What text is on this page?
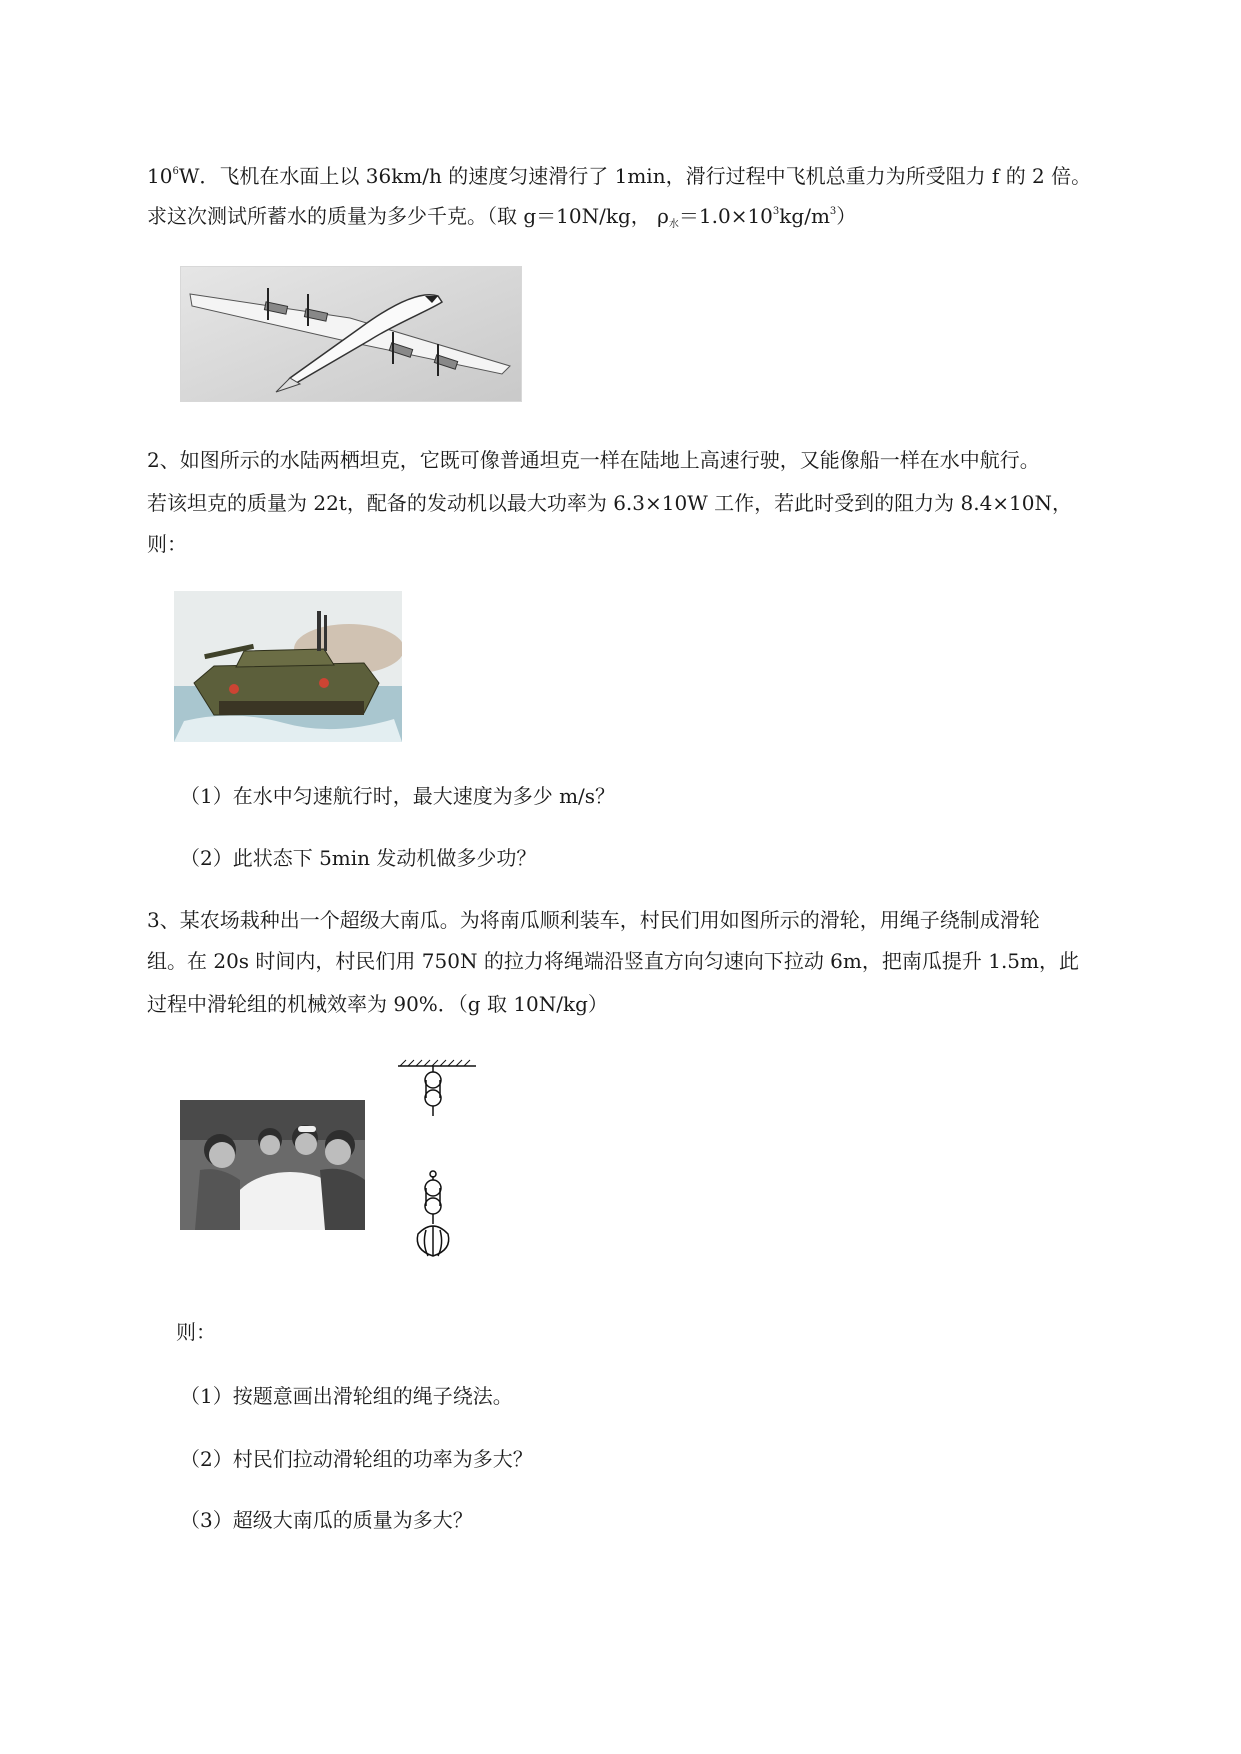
$10^6W$．飞机在水面上以 36km/h 的速度匀速滑行了 1min，滑行过程中飞机总重力为所受阻力 f 的 2 倍。
求这次测试所蓄水的质量为多少千克。（取 g＝10N/kg， $\rho_水=1.0\times 10^3kg/m^3$）
2、如图所示的水陆两栖坦克，它既可像普通坦克一样在陆地上高速行驶，又能像船一样在水中航行。
若该坦克的质量为 22t，配备的发动机以最大功率为 6.3×10W 工作，若此时受到的阻力为 8.4×10N，
则：
（1）在水中匀速航行时，最大速度为多少 m/s？
（2）此状态下 5min 发动机做多少功？
3、某农场栽种出一个超级大南瓜。为将南瓜顺利装车，村民们用如图所示的滑轮，用绳子绕制成滑轮
组。在 20s 时间内，村民们用 750N 的拉力将绳端沿竖直方向匀速向下拉动 6m，把南瓜提升 1.5m，此
过程中滑轮组的机械效率为 90%．（g 取 10N/kg）
则：
（1）按题意画出滑轮组的绳子绕法。
（2）村民们拉动滑轮组的功率为多大？
（3）超级大南瓜的质量为多大？
